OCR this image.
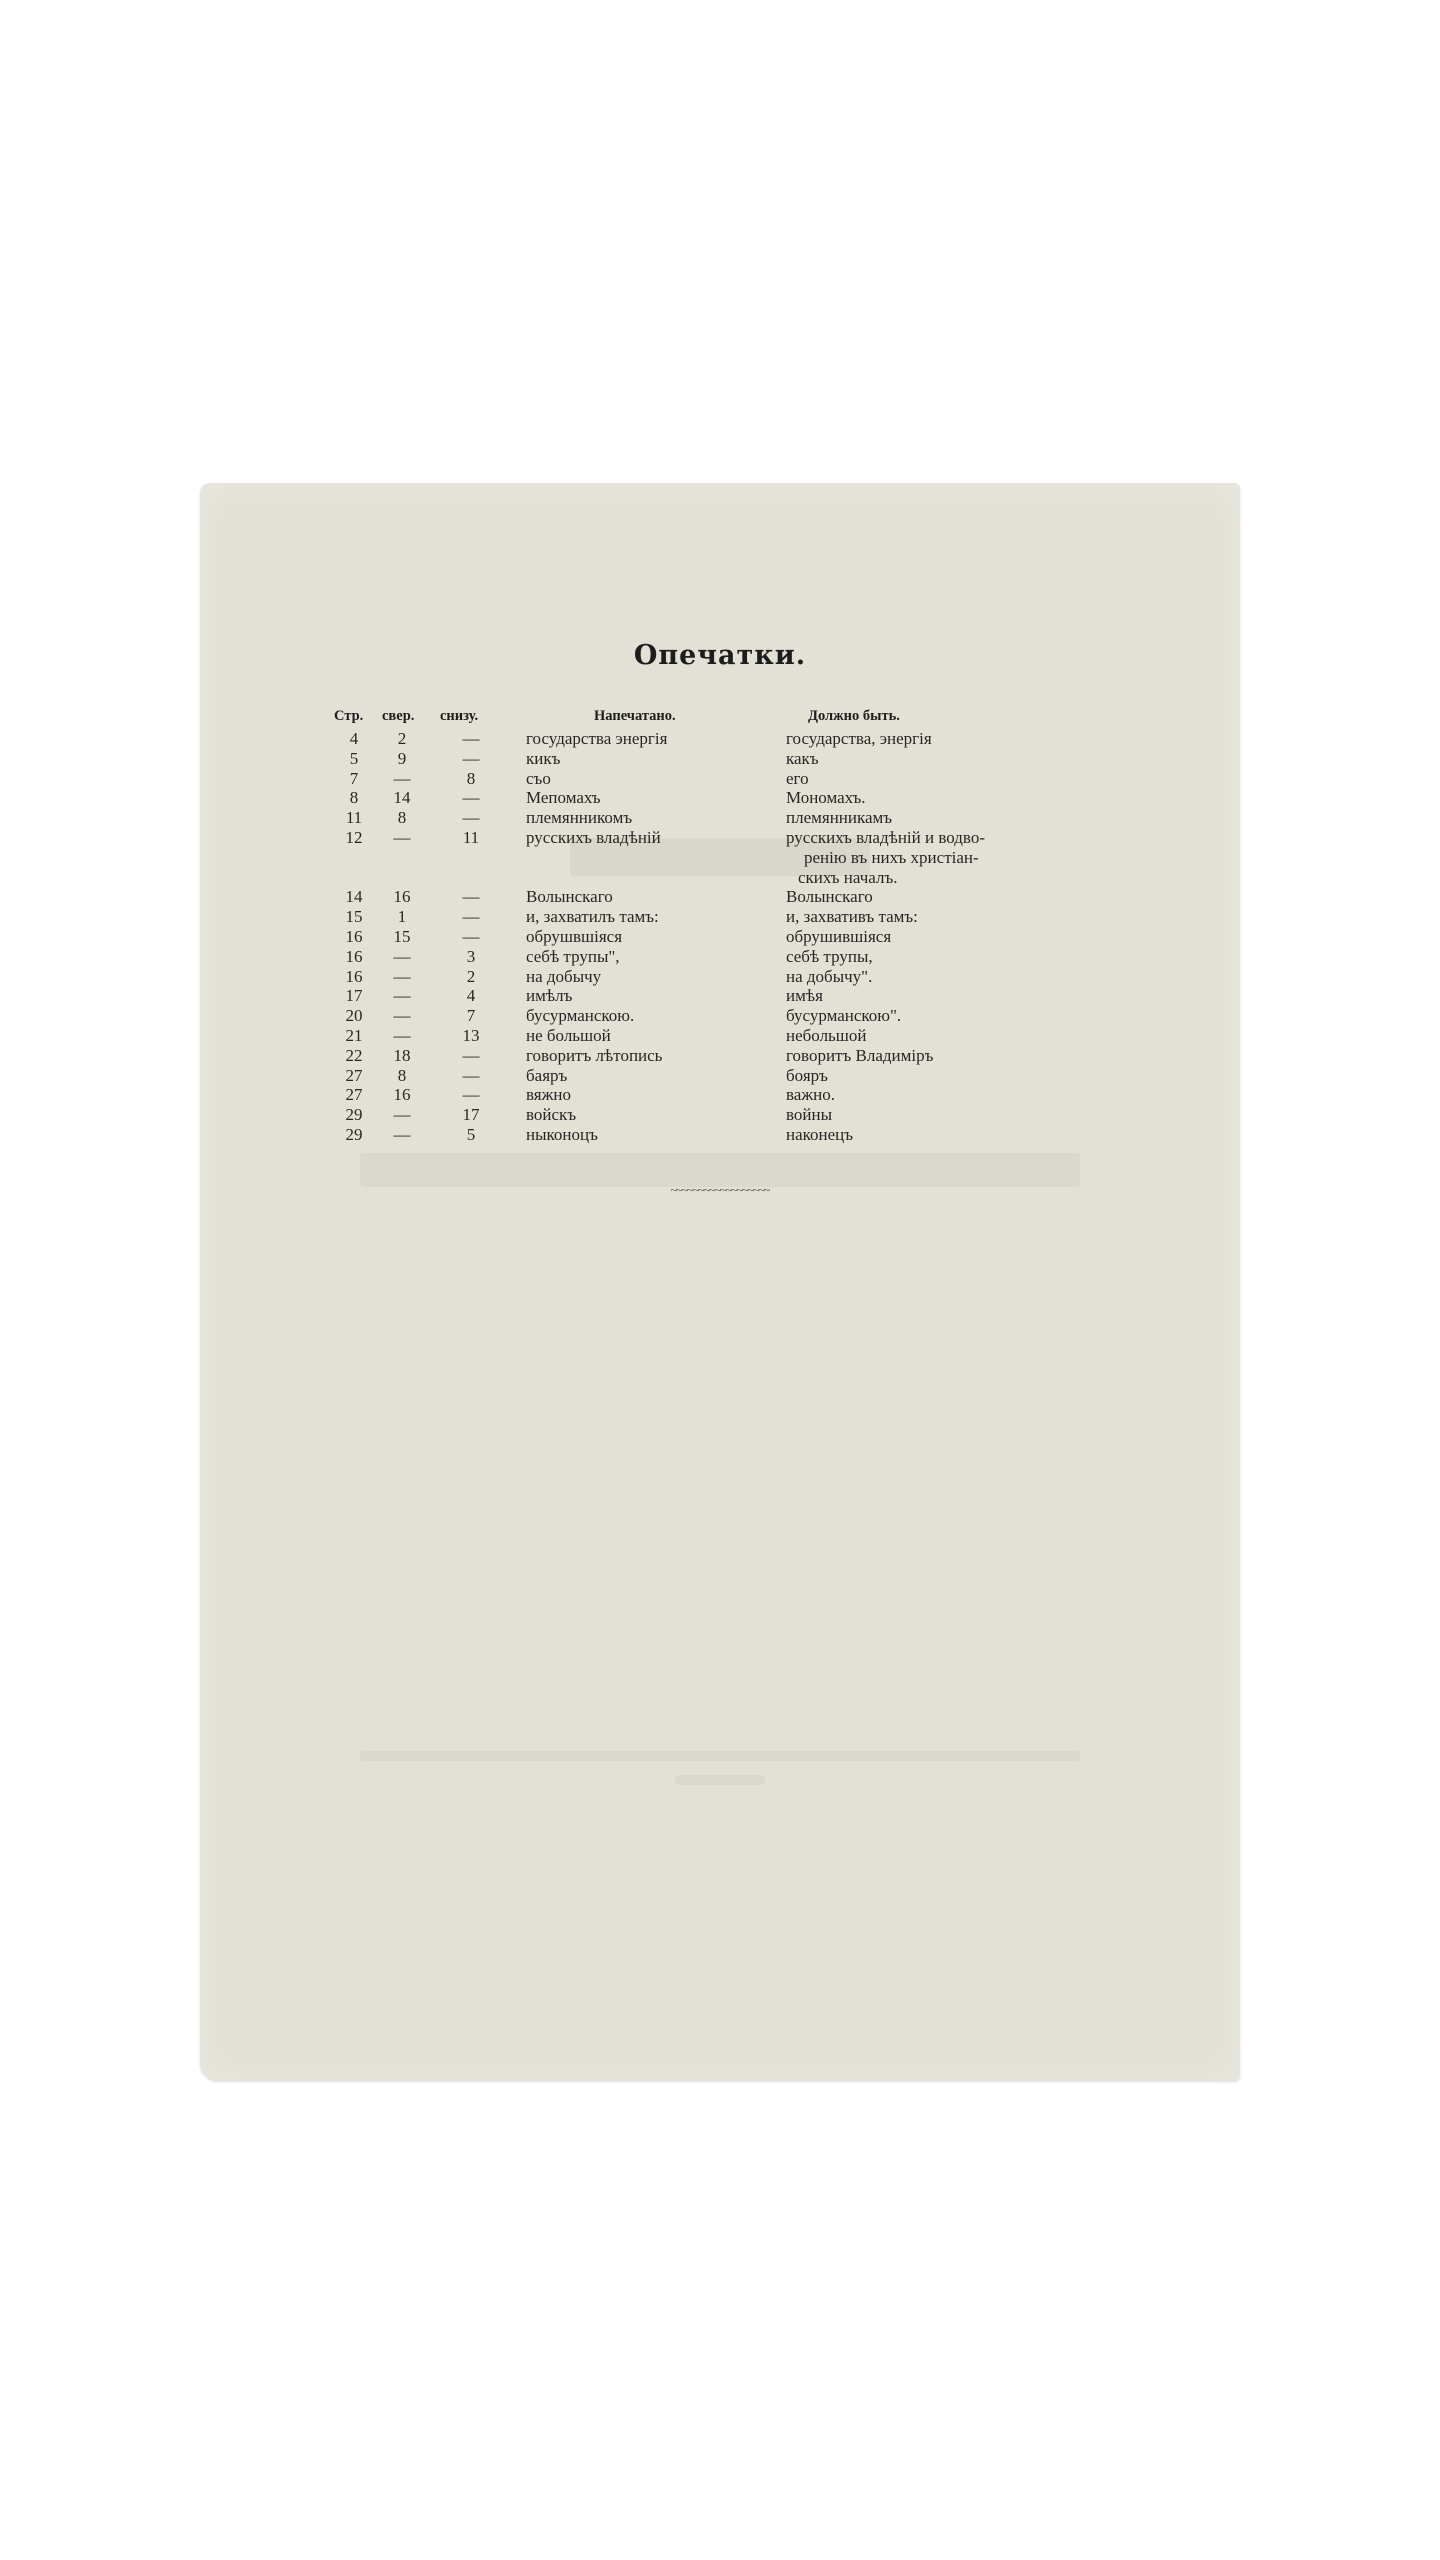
Опечатки.
Стр. свер. снизу.	Напечатано.	Должно быть.
4	2	—	государства энергія	государства, энергія
5	9	—	кикъ	какъ
7	—	8	съо	его
8	14	—	Мепомахъ	Мономахъ.
11	8	—	племянникомъ	племянникамъ
12	—	11	русскихъ владѣній	русскихъ владѣній и водво-
ренію въ нихъ христіан-
скихъ началъ.
14	16	—	Волынскаго	Волынскаго
15	1	—	и, захватилъ тамъ:	и, захвативъ тамъ:
16	15	—	обрушвшіяся	обрушившіяся
16	—	3	себѣ трупы",	себѣ трупы,
16	—	2	на добычу	на добычу".
17	—	4	имѣлъ	имѣя
20	—	7	бусурманскою.	бусурманскою".
21	—	13	не большой	небольшой
22	18	—	говоритъ лѣтопись	говоритъ Владиміръ
27	8	—	баяръ	бояръ
27	16	—	вяжно	важно.
29	—	17	войскъ	войны
29	—	5	ныконоцъ	наконецъ
~~~~~~~~~~~~~~~~~~
